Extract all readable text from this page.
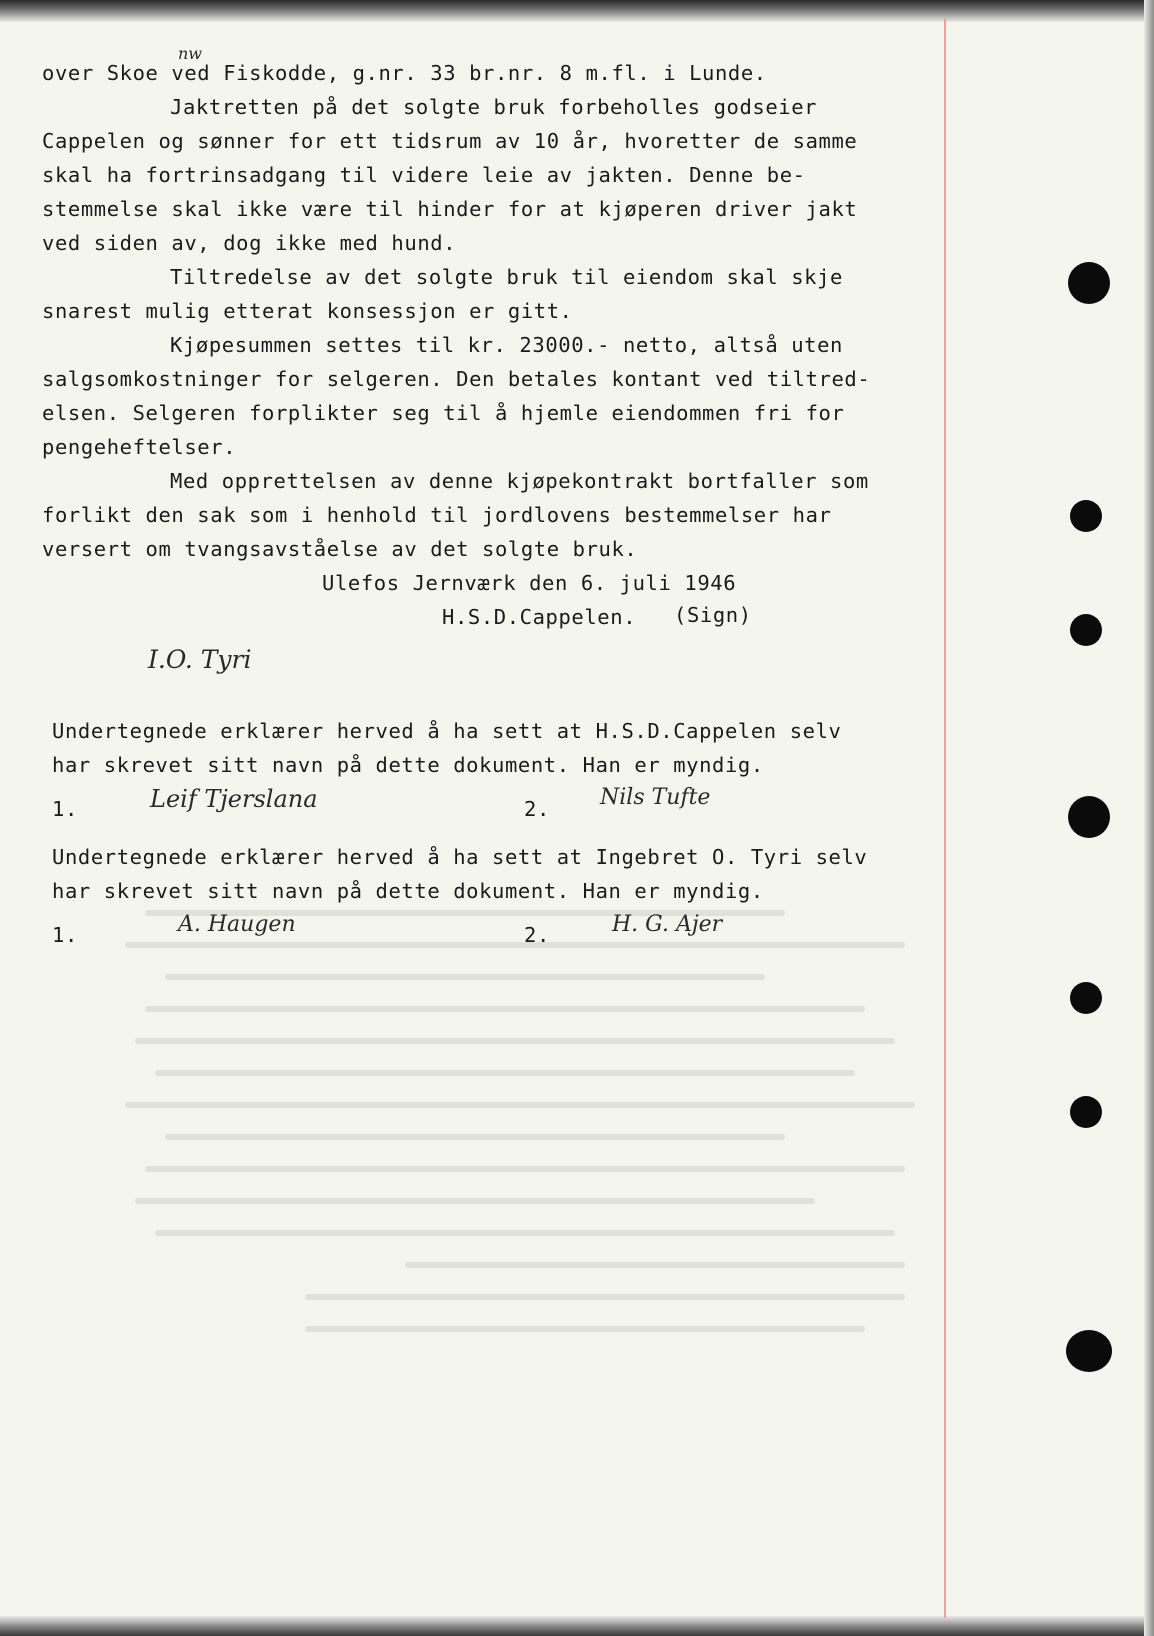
over Skoe ved Fiskodde, g.nr. 33 br.nr. 8 m.fl. i Lunde.
nw
Jaktretten på det solgte bruk forbeholles godseier
Cappelen og sønner for ett tidsrum av 10 år, hvoretter de samme
skal ha fortrinsadgang til videre leie av jakten. Denne be-
stemmelse skal ikke være til hinder for at kjøperen driver jakt
ved siden av, dog ikke med hund.
Tiltredelse av det solgte bruk til eiendom skal skje
snarest mulig etterat konsessjon er gitt.
Kjøpesummen settes til kr. 23000.- netto, altså uten
salgsomkostninger for selgeren. Den betales kontant ved tiltred-
elsen. Selgeren forplikter seg til å hjemle eiendommen fri for
pengeheftelser.
Med opprettelsen av denne kjøpekontrakt bortfaller som
forlikt den sak som i henhold til jordlovens bestemmelser har
versert om tvangsavståelse av det solgte bruk.
Ulefos Jernværk den 6. juli 1946
H.S.D.Cappelen. (Sign)
I.O. Tyri
Undertegnede erklærer herved å ha sett at H.S.D.Cappelen selv
har skrevet sitt navn på dette dokument. Han er myndig.
1.	Leif Tjerslana	2. Nils Tufte
Undertegnede erklærer herved å ha sett at Ingebret O. Tyri selv
har skrevet sitt navn på dette dokument. Han er myndig.
1.	A. Haugen	2.	H. G. Ajer
